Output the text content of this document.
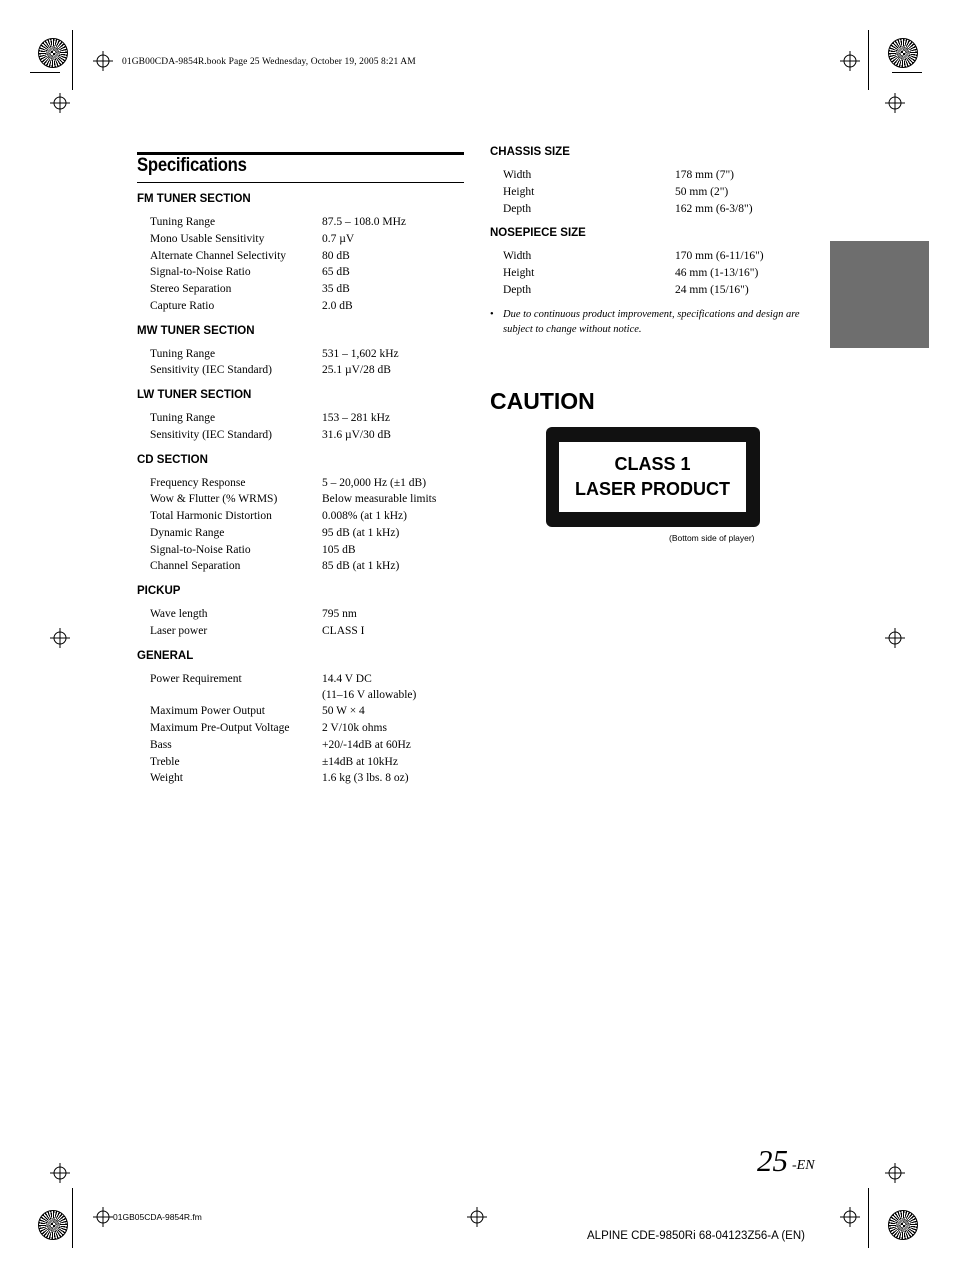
01GB00CDA-9854R.book Page 25 Wednesday, October 19, 2005 8:21 AM
Specifications
FM TUNER SECTION
Tuning Range	87.5 – 108.0 MHz
Mono Usable Sensitivity	0.7 µV
Alternate Channel Selectivity	80 dB
Signal-to-Noise Ratio	65 dB
Stereo Separation	35 dB
Capture Ratio	2.0 dB
MW TUNER SECTION
Tuning Range	531 – 1,602 kHz
Sensitivity (IEC Standard)	25.1 µV/28 dB
LW TUNER SECTION
Tuning Range	153 – 281 kHz
Sensitivity (IEC Standard)	31.6 µV/30 dB
CD SECTION
Frequency Response	5 – 20,000 Hz (±1 dB)
Wow & Flutter (% WRMS)	Below measurable limits
Total Harmonic Distortion	0.008% (at 1 kHz)
Dynamic Range	95 dB (at 1 kHz)
Signal-to-Noise Ratio	105 dB
Channel Separation	85 dB (at 1 kHz)
PICKUP
Wave length	795 nm
Laser power	CLASS I
GENERAL
Power Requirement	14.4 V DC
(11–16 V allowable)
Maximum Power Output	50 W × 4
Maximum Pre-Output Voltage	2 V/10k ohms
Bass	+20/-14dB at 60Hz
Treble	±14dB at 10kHz
Weight	1.6 kg (3 lbs. 8 oz)
CHASSIS SIZE
Width	178 mm (7")
Height	50 mm (2")
Depth	162 mm (6-3/8")
NOSEPIECE SIZE
Width	170 mm (6-11/16")
Height	46 mm (1-13/16")
Depth	24 mm (15/16")
• Due to continuous product improvement, specifications and design are subject to change without notice.
CAUTION
CLASS 1
LASER PRODUCT
(Bottom side of player)
25 -EN
01GB05CDA-9854R.fm
ALPINE CDE-9850Ri 68-04123Z56-A (EN)
